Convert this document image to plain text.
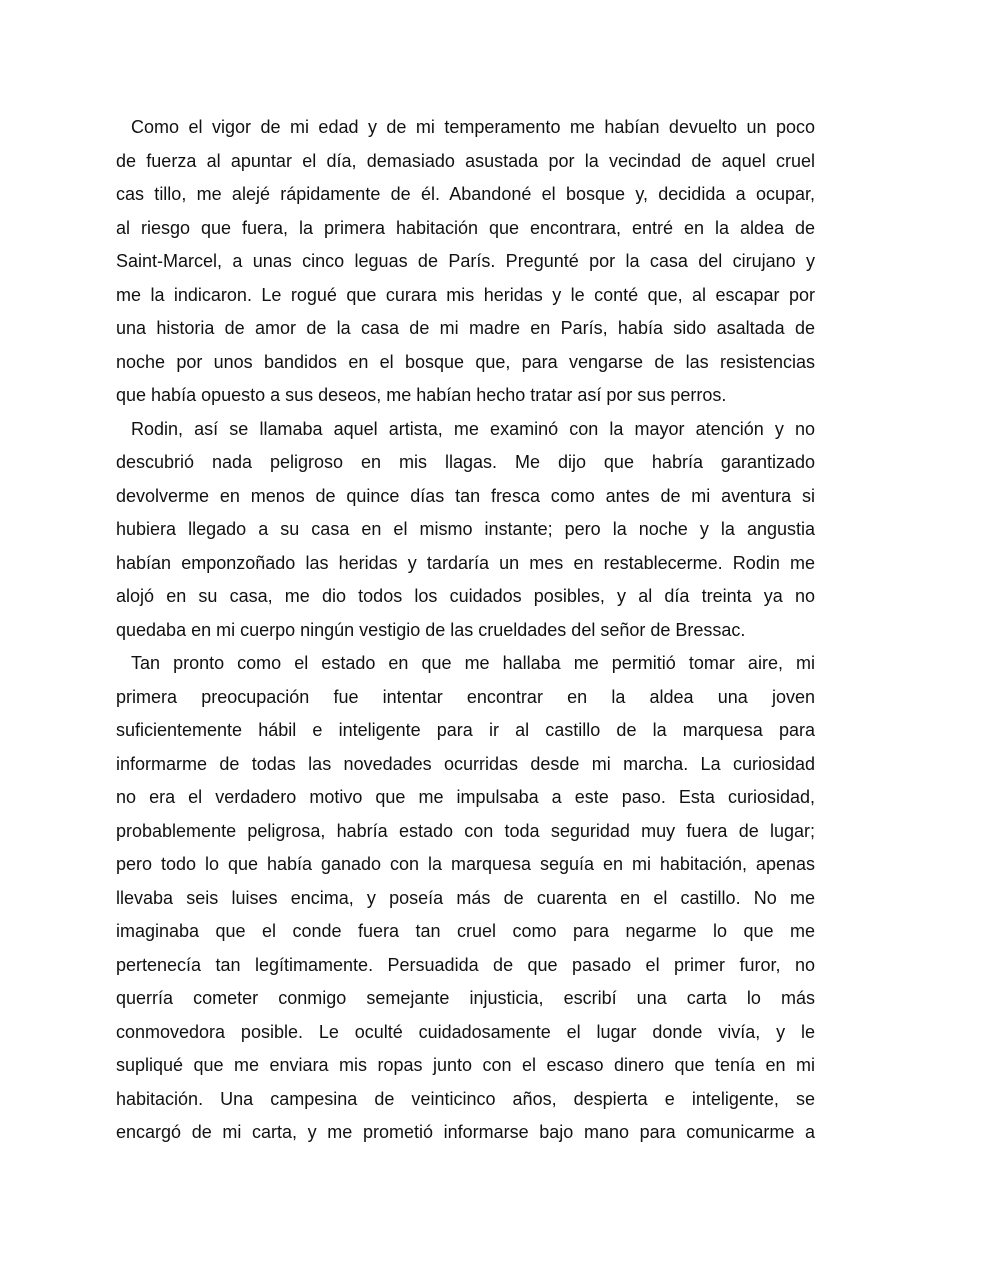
Como el vigor de mi edad y de mi temperamento me habían devuelto un poco
de fuerza al apuntar el día, demasiado asustada por la vecindad de aquel cruel
cas tillo, me alejé rápidamente de él. Abandoné el bosque y, decidida a ocupar,
al riesgo que fuera, la primera habitación que encontrara, entré en la aldea de
Saint-Marcel, a unas cinco leguas de París. Pregunté por la casa del cirujano y
me la indicaron. Le rogué que curara mis heridas y le conté que, al escapar por
una historia de amor de la casa de mi madre en París, había sido asaltada de
noche por unos bandidos en el bosque que, para vengarse de las resistencias
que había opuesto a sus deseos, me habían hecho tratar así por sus perros.
Rodin, así se llamaba aquel artista, me examinó con la mayor atención y no
descubrió nada peligroso en mis llagas. Me dijo que habría garantizado
devolverme en menos de quince días tan fresca como antes de mi aventura si
hubiera llegado a su casa en el mismo instante; pero la noche y la angustia
habían emponzoñado las heridas y tardaría un mes en restablecerme. Rodin me
alojó en su casa, me dio todos los cuidados posibles, y al día treinta ya no
quedaba en mi cuerpo ningún vestigio de las crueldades del señor de Bressac.
Tan pronto como el estado en que me hallaba me permitió tomar aire, mi
primera preocupación fue intentar encontrar en la aldea una joven
suficientemente hábil e inteligente para ir al castillo de la marquesa para
informarme de todas las novedades ocurridas desde mi marcha. La curiosidad
no era el verdadero motivo que me impulsaba a este paso. Esta curiosidad,
probablemente peligrosa, habría estado con toda seguridad muy fuera de lugar;
pero todo lo que había ganado con la marquesa seguía en mi habitación, apenas
llevaba seis luises encima, y poseía más de cuarenta en el castillo. No me
imaginaba que el conde fuera tan cruel como para negarme lo que me
pertenecía tan legítimamente. Persuadida de que pasado el primer furor, no
querría cometer conmigo semejante injusticia, escribí una carta lo más
conmovedora posible. Le oculté cuidadosamente el lugar donde vivía, y le
supliqué que me enviara mis ropas junto con el escaso dinero que tenía en mi
habitación. Una campesina de veinticinco años, despierta e inteligente, se
encargó de mi carta, y me prometió informarse bajo mano para comunicarme a
